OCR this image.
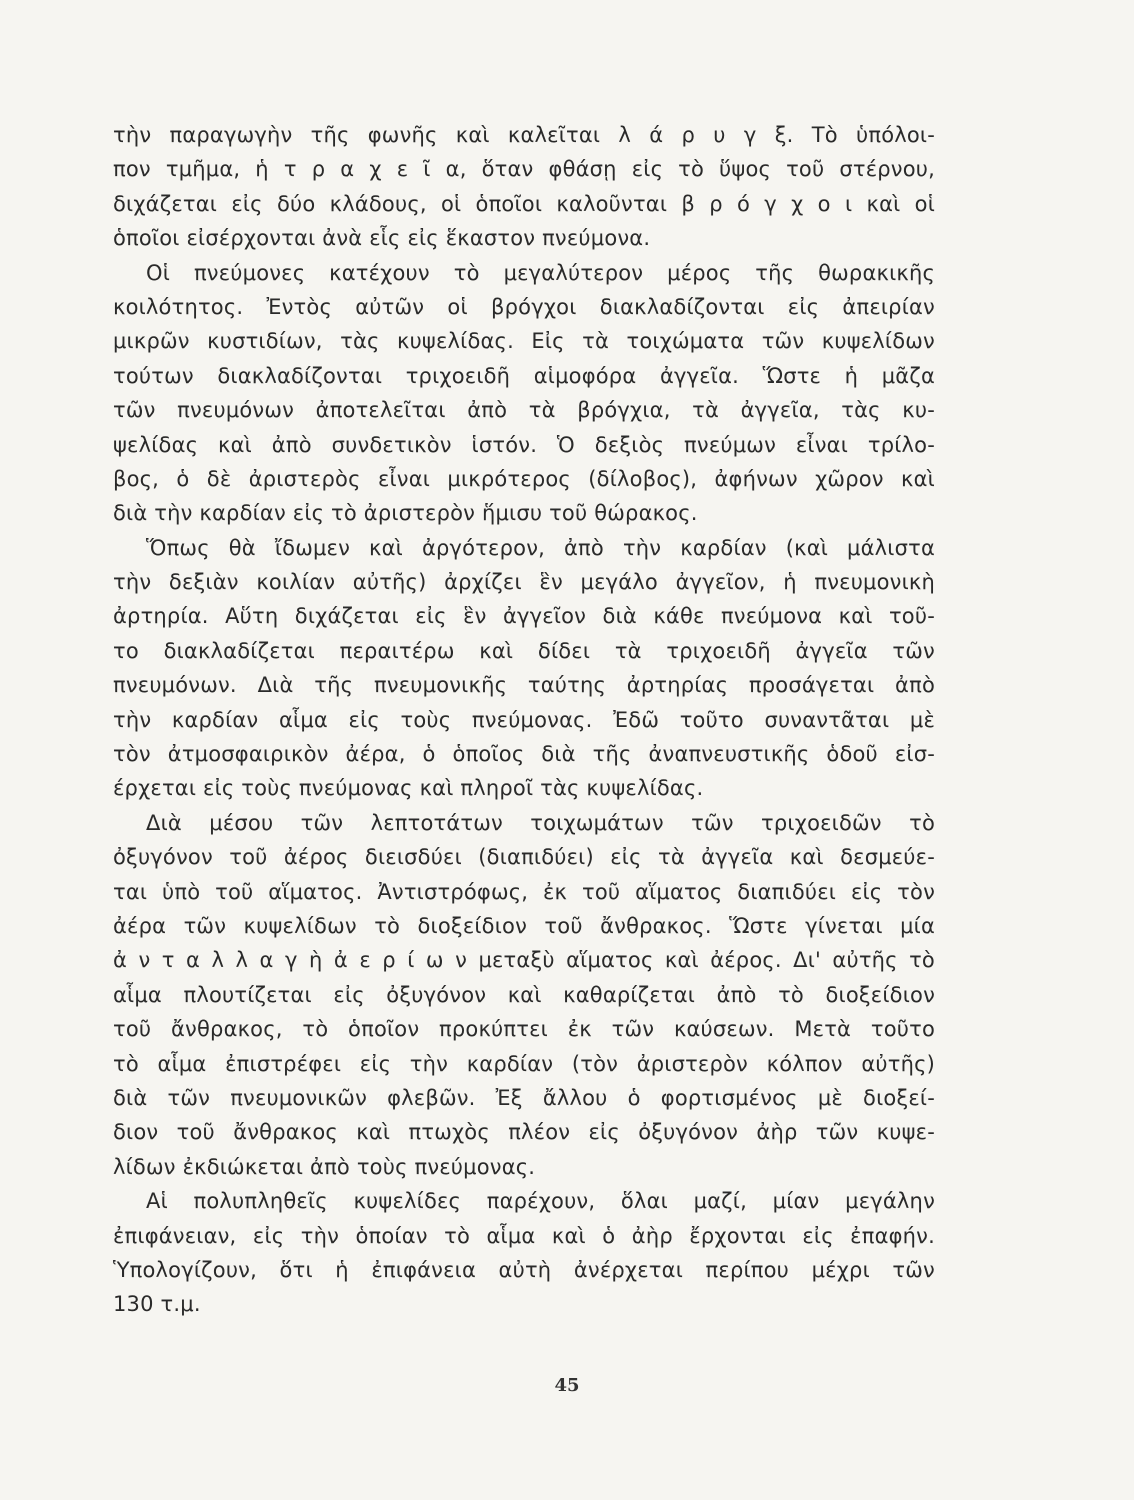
τὴν παραγωγὴν τῆς φωνῆς καὶ καλεῖται λ ά ρ υ γ ξ. Τὸ ὑπόλοι-
πον τμῆμα, ἡ τ ρ α χ ε ῖ α, ὅταν φθάσῃ εἰς τὸ ὕψος τοῦ στέρνου,
διχάζεται εἰς δύο κλάδους, οἱ ὁποῖοι καλοῦνται β ρ ό γ χ ο ι καὶ οἱ
ὁποῖοι εἰσέρχονται ἀνὰ εἷς εἰς ἕκαστον πνεύμονα.
Οἱ πνεύμονες κατέχουν τὸ μεγαλύτερον μέρος τῆς θωρακικῆς
κοιλότητος. Ἐντὸς αὐτῶν οἱ βρόγχοι διακλαδίζονται εἰς ἀπειρίαν
μικρῶν κυστιδίων, τὰς κυψελίδας. Εἰς τὰ τοιχώματα τῶν κυψελίδων
τούτων διακλαδίζονται τριχοειδῆ αἱμοφόρα ἀγγεῖα. Ὥστε ἡ μᾶζα
τῶν πνευμόνων ἀποτελεῖται ἀπὸ τὰ βρόγχια, τὰ ἀγγεῖα, τὰς κυ-
ψελίδας καὶ ἀπὸ συνδετικὸν ἱστόν. Ὁ δεξιὸς πνεύμων εἶναι τρίλο-
βος, ὁ δὲ ἀριστερὸς εἶναι μικρότερος (δίλοβος), ἀφήνων χῶρον καὶ
διὰ τὴν καρδίαν εἰς τὸ ἀριστερὸν ἥμισυ τοῦ θώρακος.
Ὅπως θὰ ἴδωμεν καὶ ἀργότερον, ἀπὸ τὴν καρδίαν (καὶ μάλιστα
τὴν δεξιὰν κοιλίαν αὐτῆς) ἀρχίζει ἓν μεγάλο ἀγγεῖον, ἡ πνευμονικὴ
ἀρτηρία. Αὕτη διχάζεται εἰς ἓν ἀγγεῖον διὰ κάθε πνεύμονα καὶ τοῦ-
το διακλαδίζεται περαιτέρω καὶ δίδει τὰ τριχοειδῆ ἀγγεῖα τῶν
πνευμόνων. Διὰ τῆς πνευμονικῆς ταύτης ἀρτηρίας προσάγεται ἀπὸ
τὴν καρδίαν αἷμα εἰς τοὺς πνεύμονας. Ἐδῶ τοῦτο συναντᾶται μὲ
τὸν ἀτμοσφαιρικὸν ἀέρα, ὁ ὁποῖος διὰ τῆς ἀναπνευστικῆς ὁδοῦ εἰσ-
έρχεται εἰς τοὺς πνεύμονας καὶ πληροῖ τὰς κυψελίδας.
Διὰ μέσου τῶν λεπτοτάτων τοιχωμάτων τῶν τριχοειδῶν τὸ
ὀξυγόνον τοῦ ἀέρος διεισδύει (διαπιδύει) εἰς τὰ ἀγγεῖα καὶ δεσμεύε-
ται ὑπὸ τοῦ αἵματος. Ἀντιστρόφως, ἐκ τοῦ αἵματος διαπιδύει εἰς τὸν
ἀέρα τῶν κυψελίδων τὸ διοξείδιον τοῦ ἄνθρακος. Ὥστε γίνεται μία
ἀ ν τ α λ λ α γ ὴ ἀ ε ρ ί ω ν μεταξὺ αἵματος καὶ ἀέρος. Δι' αὐτῆς τὸ
αἷμα πλουτίζεται εἰς ὀξυγόνον καὶ καθαρίζεται ἀπὸ τὸ διοξείδιον
τοῦ ἄνθρακος, τὸ ὁποῖον προκύπτει ἐκ τῶν καύσεων. Μετὰ τοῦτο
τὸ αἷμα ἐπιστρέφει εἰς τὴν καρδίαν (τὸν ἀριστερὸν κόλπον αὐτῆς)
διὰ τῶν πνευμονικῶν φλεβῶν. Ἐξ ἄλλου ὁ φορτισμένος μὲ διοξεί-
διον τοῦ ἄνθρακος καὶ πτωχὸς πλέον εἰς ὀξυγόνον ἀὴρ τῶν κυψε-
λίδων ἐκδιώκεται ἀπὸ τοὺς πνεύμονας.
Αἱ πολυπληθεῖς κυψελίδες παρέχουν, ὅλαι μαζί, μίαν μεγάλην
ἐπιφάνειαν, εἰς τὴν ὁποίαν τὸ αἷμα καὶ ὁ ἀὴρ ἔρχονται εἰς ἐπαφήν.
Ὑπολογίζουν, ὅτι ἡ ἐπιφάνεια αὐτὴ ἀνέρχεται περίπου μέχρι τῶν
130 τ.μ.
45
